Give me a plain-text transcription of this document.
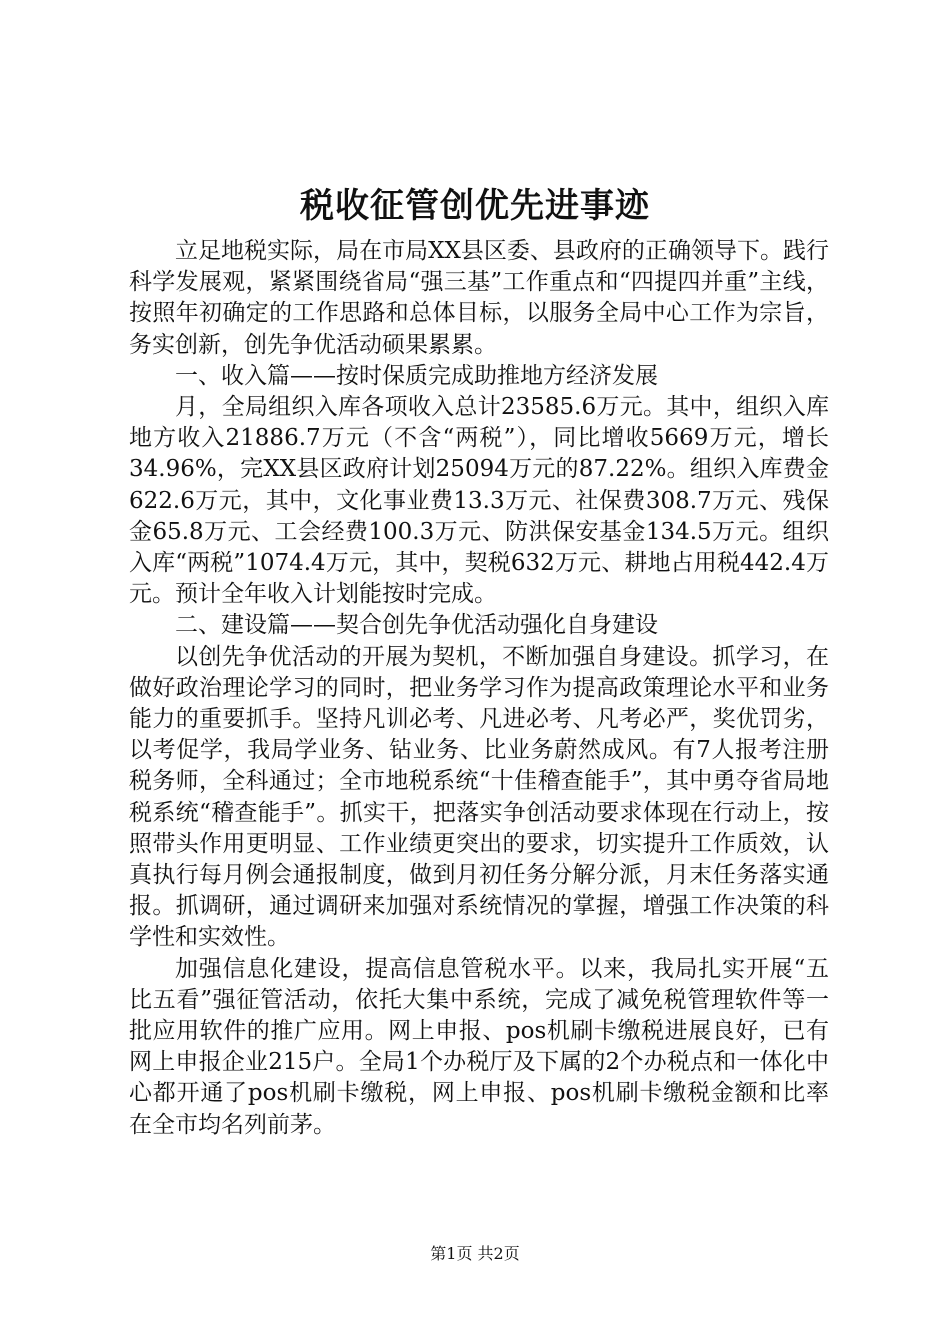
税收征管创优先进事迹

立足地税实际，局在市局XX县区委、县政府的正确领导下。践行科学发展观，紧紧围绕省局“强三基”工作重点和“四提四并重”主线，按照年初确定的工作思路和总体目标，以服务全局中心工作为宗旨，务实创新，创先争优活动硕果累累。

一、收入篇——按时保质完成助推地方经济发展

月，全局组织入库各项收入总计23585.6万元。其中，组织入库地方收入21886.7万元（不含“两税”），同比增收5669万元，增长34.96%，完XX县区政府计划25094万元的87.22%。组织入库费金622.6万元，其中，文化事业费13.3万元、社保费308.7万元、残保金65.8万元、工会经费100.3万元、防洪保安基金134.5万元。组织入库“两税”1074.4万元，其中，契税632万元、耕地占用税442.4万元。预计全年收入计划能按时完成。

二、建设篇——契合创先争优活动强化自身建设

以创先争优活动的开展为契机，不断加强自身建设。抓学习，在做好政治理论学习的同时，把业务学习作为提高政策理论水平和业务能力的重要抓手。坚持凡训必考、凡进必考、凡考必严，奖优罚劣，以考促学，我局学业务、钻业务、比业务蔚然成风。有7人报考注册税务师，全科通过；全市地税系统“十佳稽查能手”，其中勇夺省局地税系统“稽查能手”。抓实干，把落实争创活动要求体现在行动上，按照带头作用更明显、工作业绩更突出的要求，切实提升工作质效，认真执行每月例会通报制度，做到月初任务分解分派，月末任务落实通报。抓调研，通过调研来加强对系统情况的掌握，增强工作决策的科学性和实效性。

加强信息化建设，提高信息管税水平。以来，我局扎实开展“五比五看”强征管活动，依托大集中系统，完成了减免税管理软件等一批应用软件的推广应用。网上申报、pos机刷卡缴税进展良好，已有网上申报企业215户。全局1个办税厅及下属的2个办税点和一体化中心都开通了pos机刷卡缴税，网上申报、pos机刷卡缴税金额和比率在全市均名列前茅。

第1页 共2页
